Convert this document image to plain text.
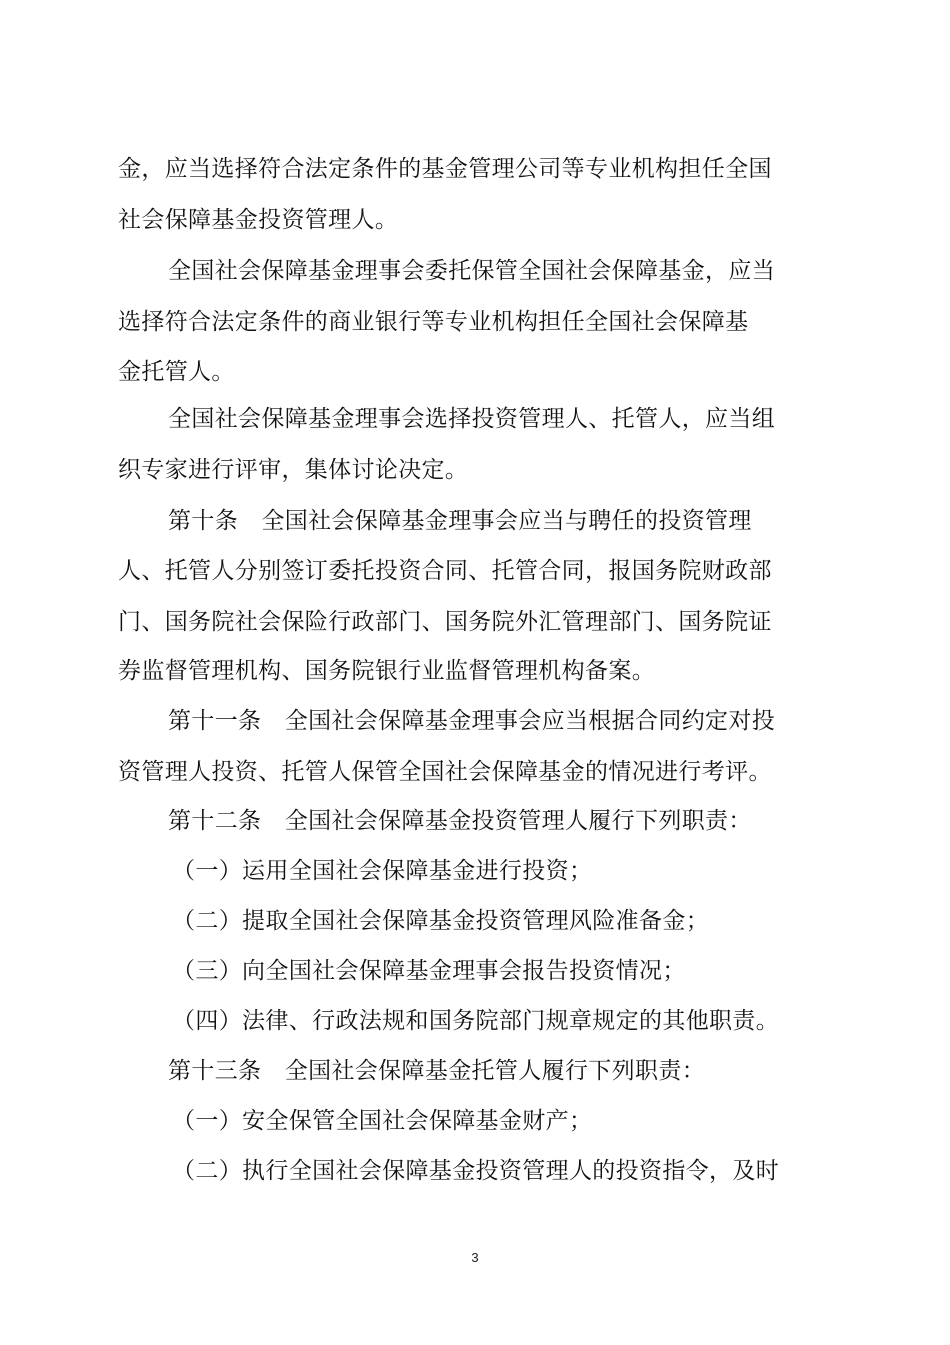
金，应当选择符合法定条件的基金管理公司等专业机构担任全国
社会保障基金投资管理人。
全国社会保障基金理事会委托保管全国社会保障基金，应当
选择符合法定条件的商业银行等专业机构担任全国社会保障基
金托管人。
全国社会保障基金理事会选择投资管理人、托管人，应当组
织专家进行评审，集体讨论决定。
第十条　全国社会保障基金理事会应当与聘任的投资管理
人、托管人分别签订委托投资合同、托管合同，报国务院财政部
门、国务院社会保险行政部门、国务院外汇管理部门、国务院证
券监督管理机构、国务院银行业监督管理机构备案。
第十一条　全国社会保障基金理事会应当根据合同约定对投
资管理人投资、托管人保管全国社会保障基金的情况进行考评。
第十二条　全国社会保障基金投资管理人履行下列职责：
（一）运用全国社会保障基金进行投资；
（二）提取全国社会保障基金投资管理风险准备金；
（三）向全国社会保障基金理事会报告投资情况；
（四）法律、行政法规和国务院部门规章规定的其他职责。
第十三条　全国社会保障基金托管人履行下列职责：
（一）安全保管全国社会保障基金财产；
（二）执行全国社会保障基金投资管理人的投资指令，及时
3
